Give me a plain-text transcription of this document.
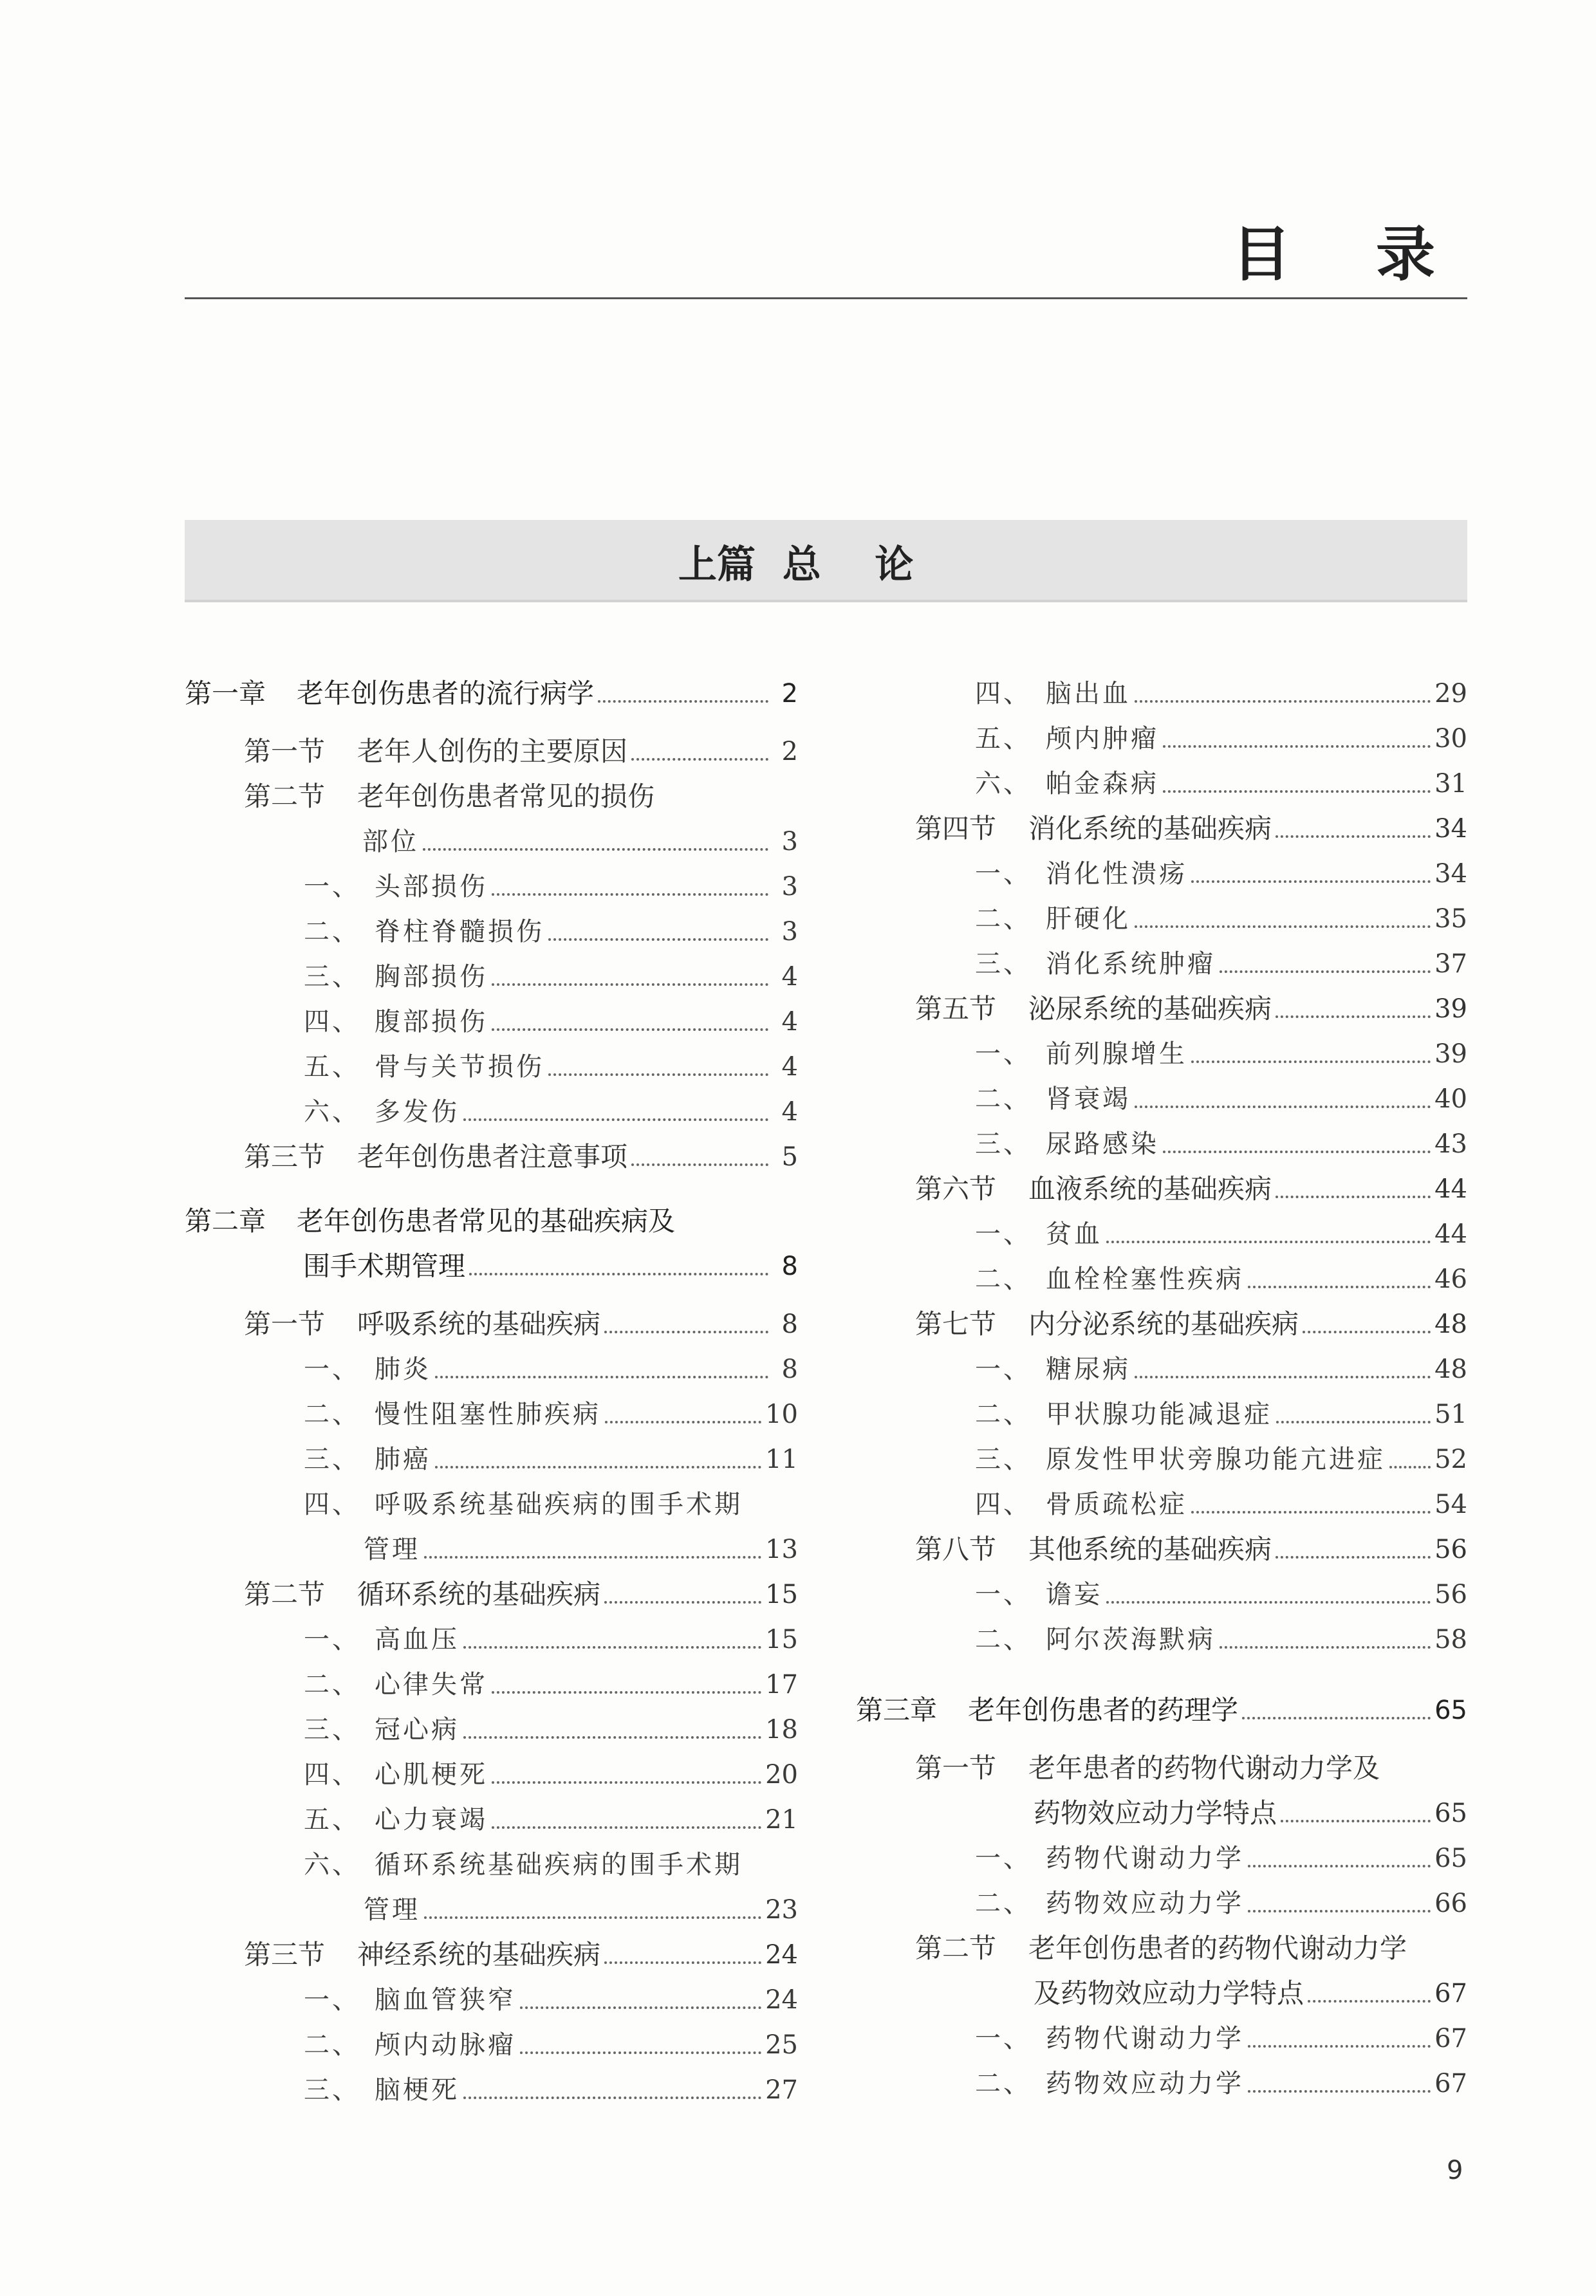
目 录
上篇  总    论
第一章 老年创伤患者的流行病学	2
第一节 老年人创伤的主要原因	2
第二节 老年创伤患者常见的损伤
部位	3
一、 头部损伤	3
二、 脊柱脊髓损伤	3
三、 胸部损伤	4
四、 腹部损伤	4
五、 骨与关节损伤	4
六、 多发伤	4
第三节 老年创伤患者注意事项	5
第二章 老年创伤患者常见的基础疾病及
围手术期管理	8
第一节 呼吸系统的基础疾病	8
一、 肺炎	8
二、 慢性阻塞性肺疾病	10
三、 肺癌	11
四、 呼吸系统基础疾病的围手术期
管理	13
第二节 循环系统的基础疾病	15
一、 高血压	15
二、 心律失常	17
三、 冠心病	18
四、 心肌梗死	20
五、 心力衰竭	21
六、 循环系统基础疾病的围手术期
管理	23
第三节 神经系统的基础疾病	24
一、 脑血管狭窄	24
二、 颅内动脉瘤	25
三、 脑梗死	27
四、 脑出血	29
五、 颅内肿瘤	30
六、 帕金森病	31
第四节 消化系统的基础疾病	34
一、 消化性溃疡	34
二、 肝硬化	35
三、 消化系统肿瘤	37
第五节 泌尿系统的基础疾病	39
一、 前列腺增生	39
二、 肾衰竭	40
三、 尿路感染	43
第六节 血液系统的基础疾病	44
一、 贫血	44
二、 血栓栓塞性疾病	46
第七节 内分泌系统的基础疾病	48
一、 糖尿病	48
二、 甲状腺功能减退症	51
三、 原发性甲状旁腺功能亢进症 52
四、 骨质疏松症	54
第八节 其他系统的基础疾病	56
一、 谵妄	56
二、 阿尔茨海默病	58
第三章 老年创伤患者的药理学	65
第一节 老年患者的药物代谢动力学及
药物效应动力学特点	65
一、 药物代谢动力学	65
二、 药物效应动力学	66
第二节 老年创伤患者的药物代谢动力学
及药物效应动力学特点	67
一、 药物代谢动力学	67
二、 药物效应动力学	67
9
